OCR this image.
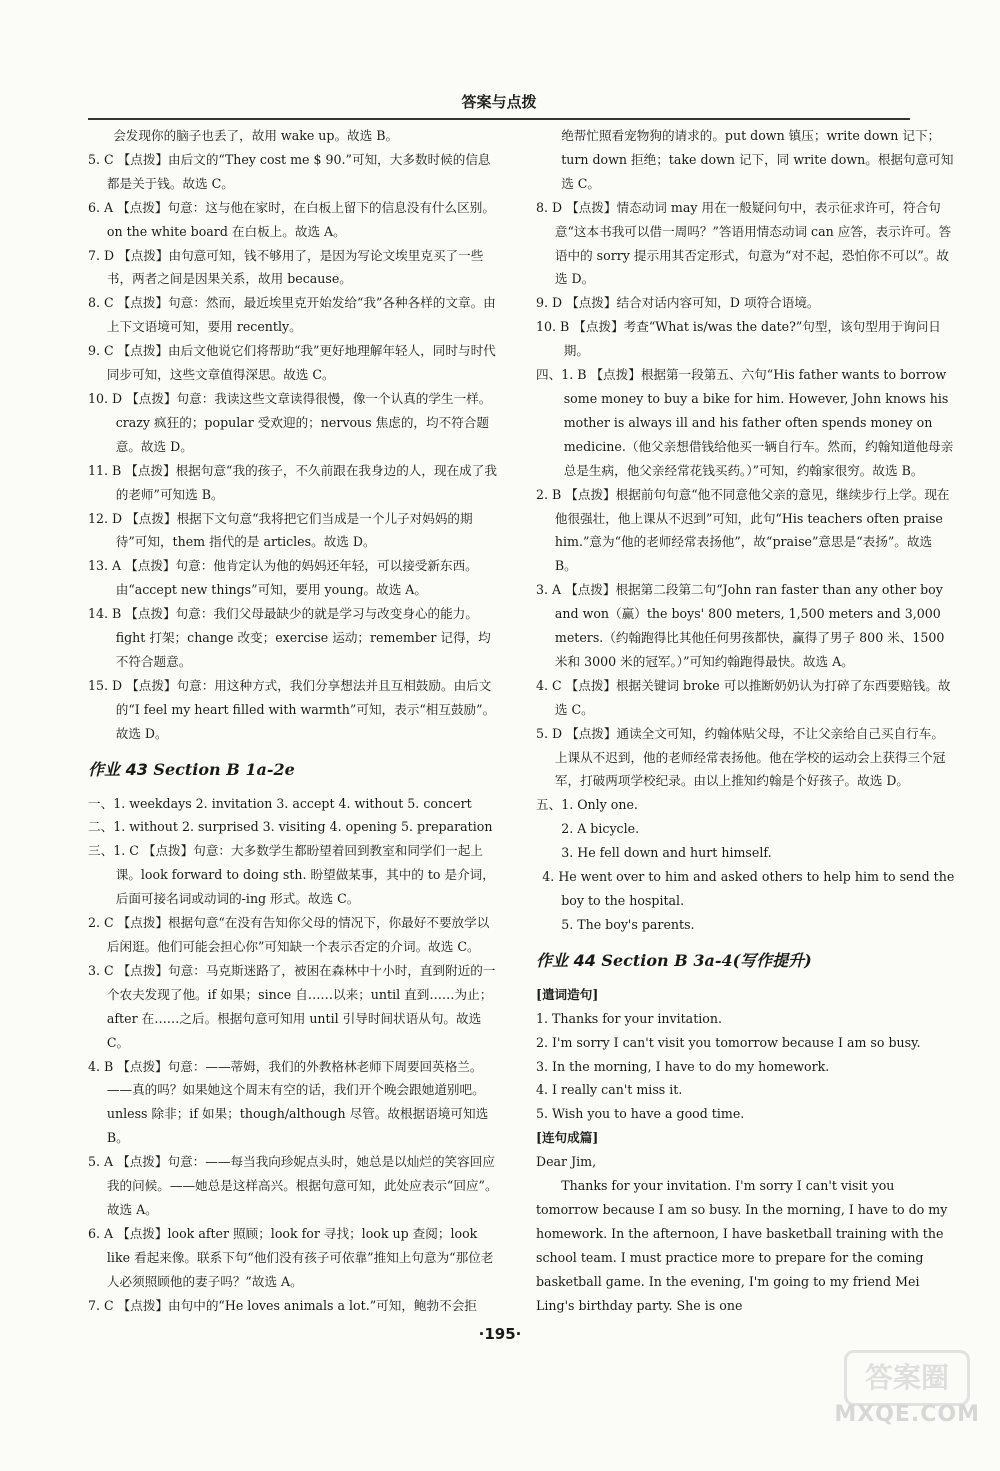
答案与点拨

会发现你的脑子也丢了，故用 wake up。故选 B。

5. C 【点拨】由后文的“They cost me $ 90.”可知，大多数时候的信息都是关于钱。故选 C。

6. A 【点拨】句意：这与他在家时，在白板上留下的信息没有什么区别。on the white board 在白板上。故选 A。

7. D 【点拨】由句意可知，钱不够用了，是因为写论文埃里克买了一些书，两者之间是因果关系，故用 because。

8. C 【点拨】句意：然而，最近埃里克开始发给“我”各种各样的文章。由上下文语境可知，要用 recently。

9. C 【点拨】由后文他说它们将帮助“我”更好地理解年轻人，同时与时代同步可知，这些文章值得深思。故选 C。

10. D 【点拨】句意：我读这些文章读得很慢，像一个认真的学生一样。crazy 疯狂的；popular 受欢迎的；nervous 焦虑的，均不符合题意。故选 D。

11. B 【点拨】根据句意“我的孩子，不久前跟在我身边的人，现在成了我的老师”可知选 B。

12. D 【点拨】根据下文句意“我将把它们当成是一个儿子对妈妈的期待”可知，them 指代的是 articles。故选 D。

13. A 【点拨】句意：他肯定认为他的妈妈还年轻，可以接受新东西。由“accept new things”可知，要用 young。故选 A。

14. B 【点拨】句意：我们父母最缺少的就是学习与改变身心的能力。fight 打架；change 改变；exercise 运动；remember 记得，均不符合题意。

15. D 【点拨】句意：用这种方式，我们分享想法并且互相鼓励。由后文的“I feel my heart filled with warmth”可知，表示“相互鼓励”。故选 D。

作业 43 Section B 1a-2e

一、1. weekdays 2. invitation 3. accept 4. without 5. concert

二、1. without 2. surprised 3. visiting 4. opening 5. preparation

三、1. C 【点拨】句意：大多数学生都盼望着回到教室和同学们一起上课。look forward to doing sth. 盼望做某事，其中的 to 是介词，后面可接名词或动词的-ing 形式。故选 C。

2. C 【点拨】根据句意“在没有告知你父母的情况下，你最好不要放学以后闲逛。他们可能会担心你”可知缺一个表示否定的介词。故选 C。

3. C 【点拨】句意：马克斯迷路了，被困在森林中十小时，直到附近的一个农夫发现了他。if 如果；since 自……以来；until 直到……为止；after 在……之后。根据句意可知用 until 引导时间状语从句。故选 C。

4. B 【点拨】句意：——蒂姆，我们的外教格林老师下周要回英格兰。——真的吗？如果她这个周末有空的话，我们开个晚会跟她道别吧。unless 除非；if 如果；though/although 尽管。故根据语境可知选 B。

5. A 【点拨】句意：——每当我向珍妮点头时，她总是以灿烂的笑容回应我的问候。——她总是这样高兴。根据句意可知，此处应表示“回应”。故选 A。

6. A 【点拨】look after 照顾；look for 寻找；look up 查阅；look like 看起来像。联系下句“他们没有孩子可依靠”推知上句意为“那位老人必须照顾他的妻子吗？”故选 A。

7. C 【点拨】由句中的“He loves animals a lot.”可知，鲍勃不会拒

绝帮忙照看宠物狗的请求的。put down 镇压；write down 记下；turn down 拒绝；take down 记下，同 write down。根据句意可知选 C。

8. D 【点拨】情态动词 may 用在一般疑问句中，表示征求许可，符合句意“这本书我可以借一周吗？”答语用情态动词 can 应答，表示许可。答语中的 sorry 提示用其否定形式，句意为“对不起，恐怕你不可以”。故选 D。

9. D 【点拨】结合对话内容可知，D 项符合语境。

10. B 【点拨】考查“What is/was the date?”句型，该句型用于询问日期。

四、1. B 【点拨】根据第一段第五、六句“His father wants to borrow some money to buy a bike for him. However, John knows his mother is always ill and his father often spends money on medicine.（他父亲想借钱给他买一辆自行车。然而，约翰知道他母亲总是生病，他父亲经常花钱买药。）”可知，约翰家很穷。故选 B。

2. B 【点拨】根据前句句意“他不同意他父亲的意见，继续步行上学。现在他很强壮，他上课从不迟到”可知，此句“His teachers often praise him.”意为“他的老师经常表扬他”，故“praise”意思是“表扬”。故选 B。

3. A 【点拨】根据第二段第二句“John ran faster than any other boy and won（赢）the boys' 800 meters, 1,500 meters and 3,000 meters.（约翰跑得比其他任何男孩都快，赢得了男子 800 米、1500 米和 3000 米的冠军。）”可知约翰跑得最快。故选 A。

4. C 【点拨】根据关键词 broke 可以推断奶奶认为打碎了东西要赔钱。故选 C。

5. D 【点拨】通读全文可知，约翰体贴父母，不让父亲给自己买自行车。上课从不迟到，他的老师经常表扬他。他在学校的运动会上获得三个冠军，打破两项学校纪录。由以上推知约翰是个好孩子。故选 D。

五、1. Only one.

2. A bicycle.

3. He fell down and hurt himself.

4. He went over to him and asked others to help him to send the boy to the hospital.

5. The boy's parents.

作业 44 Section B 3a-4(写作提升)

[遣词造句]

1. Thanks for your invitation.

2. I'm sorry I can't visit you tomorrow because I am so busy.

3. In the morning, I have to do my homework.

4. I really can't miss it.

5. Wish you to have a good time.

[连句成篇]

Dear Jim,

Thanks for your invitation. I'm sorry I can't visit you tomorrow because I am so busy. In the morning, I have to do my homework. In the afternoon, I have basketball training with the school team. I must practice more to prepare for the coming basketball game. In the evening, I'm going to my friend Mei Ling's birthday party. She is one

·195·
答案圈
MXQE.COM
